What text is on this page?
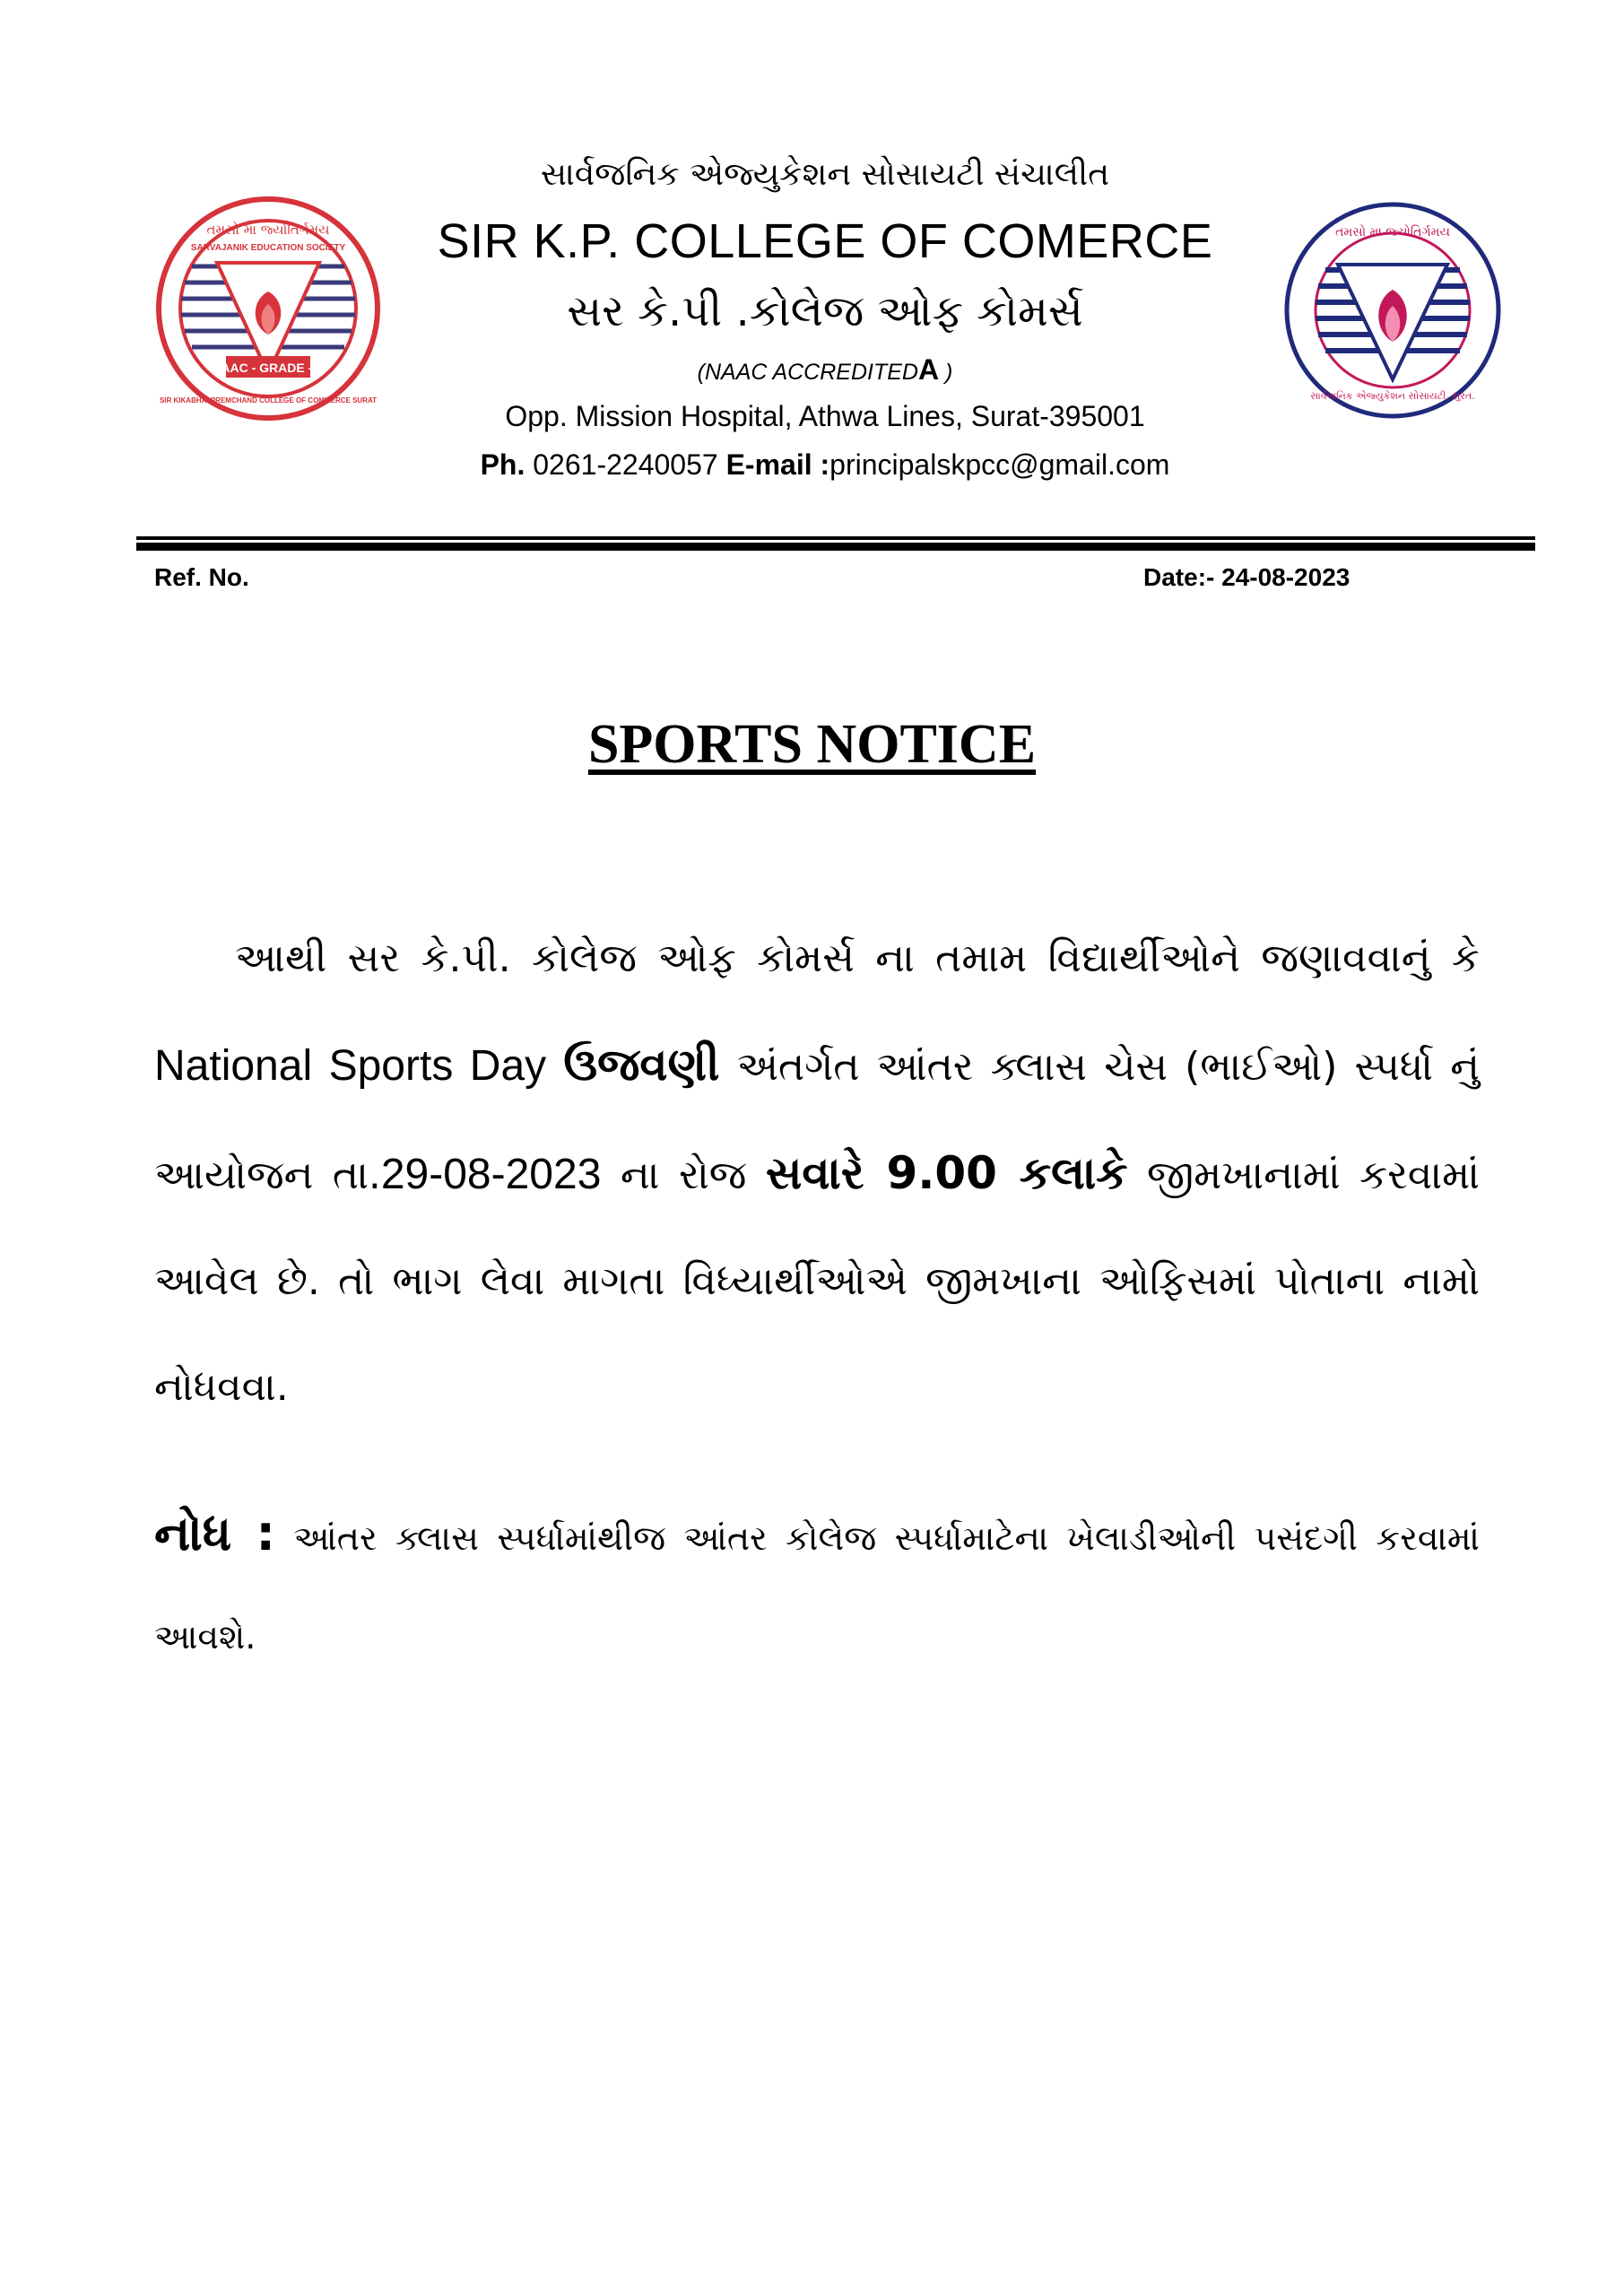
NAAC - GRADE - A
તમસો મા જ્યોતિર્ગમય
SARVAJANIK EDUCATION SOCIETY
SIR KIKABHAI PREMCHAND COLLEGE OF COMMERCE SURAT
સાર્વજનિક એજ્યુકેશન સોસાયટી સંચાલીત
SIR K.P. COLLEGE OF COMERCE
સર કે.પી .કોલેજ ઓફ કોમર્સ
(NAAC ACCREDITEDA )
Opp. Mission Hospital, Athwa Lines, Surat-395001
Ph. 0261-2240057 E-mail :principalskpcc@gmail.com
તમસો મા જ્યોતિર્ગમય
સાર્વજનિક એજ્યુકેશન સોસાયટી, સુરત.
Ref. No.	Date:- 24-08-2023
SPORTS NOTICE
આથી સર કે.પી. કોલેજ ઓફ કોમર્સ ના તમામ વિદ્યાર્થીઓને જણાવવાનું કે National Sports Day ઉજવણી અંતર્ગત આંતર ક્લાસ ચેસ (ભાઈઓ) સ્પર્ધા નું આયોજન તા.29-08-2023 ના રોજ સવારે 9.00 કલાકે જીમખાનામાં કરવામાં આવેલ છે. તો ભાગ લેવા માગતા વિધ્યાર્થીઓએ જીમખાના ઓફિસમાં પોતાના નામો નોધવવા.
નોધ : આંતર ક્લાસ સ્પર્ધામાંથીજ આંતર કોલેજ સ્પર્ધામાટેના ખેલાડીઓની પસંદગી કરવામાં આવશે.
